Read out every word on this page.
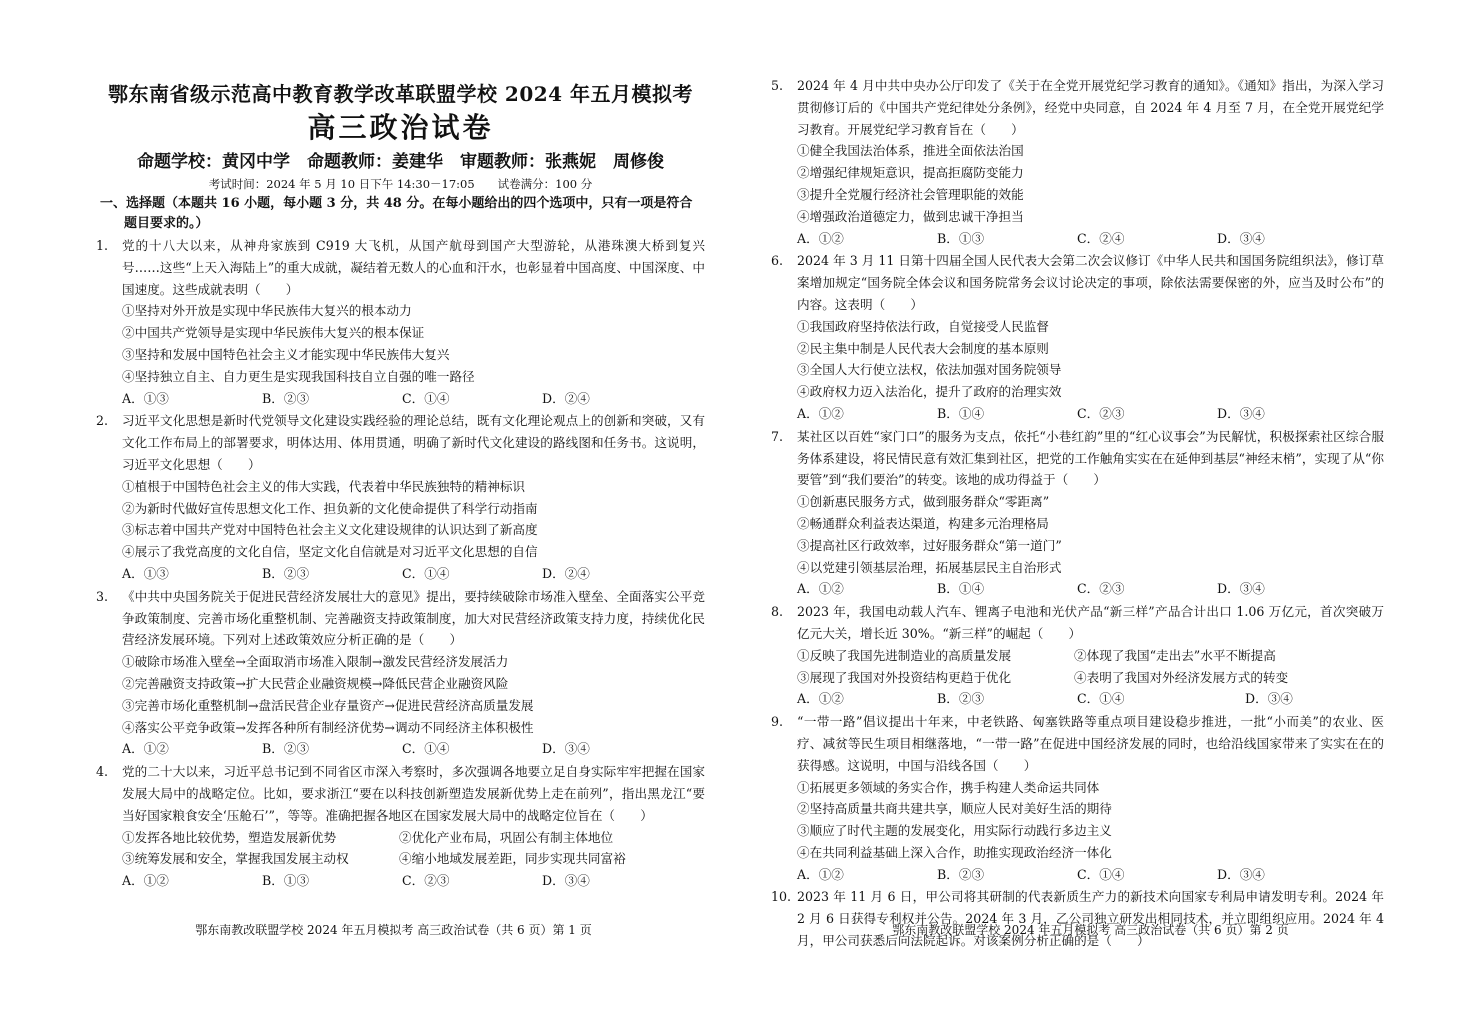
鄂东南省级示范高中教育教学改革联盟学校 2024 年五月模拟考
高三政治试卷
命题学校：黄冈中学　命题教师：姜建华　审题教师：张燕妮　周修俊
考试时间：2024 年 5 月 10 日下午 14:30－17:05　　试卷满分：100 分
一、选择题（本题共 16 小题，每小题 3 分，共 48 分。在每小题给出的四个选项中，只有一项是符合题目要求的。）
1.	党的十八大以来，从神舟家族到 C919 大飞机，从国产航母到国产大型游轮，从港珠澳大桥到复兴号……这些“上天入海陆上”的重大成就，凝结着无数人的心血和汗水，也彰显着中国高度、中国深度、中国速度。这些成就表明（　　）
①坚持对外开放是实现中华民族伟大复兴的根本动力
②中国共产党领导是实现中华民族伟大复兴的根本保证
③坚持和发展中国特色社会主义才能实现中华民族伟大复兴
④坚持独立自主、自力更生是实现我国科技自立自强的唯一路径
A．①③	B．②③	C．①④	D．②④
2.	习近平文化思想是新时代党领导文化建设实践经验的理论总结，既有文化理论观点上的创新和突破，又有文化工作布局上的部署要求，明体达用、体用贯通，明确了新时代文化建设的路线图和任务书。这说明，习近平文化思想（　　）
①植根于中国特色社会主义的伟大实践，代表着中华民族独特的精神标识
②为新时代做好宣传思想文化工作、担负新的文化使命提供了科学行动指南
③标志着中国共产党对中国特色社会主义文化建设规律的认识达到了新高度
④展示了我党高度的文化自信，坚定文化自信就是对习近平文化思想的自信
A．①③	B．②③	C．①④	D．②④
3.	《中共中央国务院关于促进民营经济发展壮大的意见》提出，要持续破除市场准入壁垒、全面落实公平竞争政策制度、完善市场化重整机制、完善融资支持政策制度，加大对民营经济政策支持力度，持续优化民营经济发展环境。下列对上述政策效应分析正确的是（　　）
①破除市场准入壁垒→全面取消市场准入限制→激发民营经济发展活力
②完善融资支持政策→扩大民营企业融资规模→降低民营企业融资风险
③完善市场化重整机制→盘活民营企业存量资产→促进民营经济高质量发展
④落实公平竞争政策→发挥各种所有制经济优势→调动不同经济主体积极性
A．①②	B．②③	C．①④	D．③④
4.	党的二十大以来，习近平总书记到不同省区市深入考察时，多次强调各地要立足自身实际牢牢把握在国家发展大局中的战略定位。比如，要求浙江“要在以科技创新塑造发展新优势上走在前列”，指出黑龙江“要当好国家粮食安全‘压舱石’”，等等。准确把握各地区在国家发展大局中的战略定位旨在（　　）
①发挥各地比较优势，塑造发展新优势	②优化产业布局，巩固公有制主体地位
③统筹发展和安全，掌握我国发展主动权	④缩小地域发展差距，同步实现共同富裕
A．①②	B．①③	C．②③	D．③④
鄂东南教改联盟学校 2024 年五月模拟考 高三政治试卷（共 6 页）第 1 页
5.	2024 年 4 月中共中央办公厅印发了《关于在全党开展党纪学习教育的通知》。《通知》指出，为深入学习贯彻修订后的《中国共产党纪律处分条例》，经党中央同意，自 2024 年 4 月至 7 月，在全党开展党纪学习教育。开展党纪学习教育旨在（　　）
①健全我国法治体系，推进全面依法治国
②增强纪律规矩意识，提高拒腐防变能力
③提升全党履行经济社会管理职能的效能
④增强政治道德定力，做到忠诚干净担当
A．①②	B．①③	C．②④	D．③④
6.	2024 年 3 月 11 日第十四届全国人民代表大会第二次会议修订《中华人民共和国国务院组织法》，修订草案增加规定“国务院全体会议和国务院常务会议讨论决定的事项，除依法需要保密的外，应当及时公布”的内容。这表明（　　）
①我国政府坚持依法行政，自觉接受人民监督
②民主集中制是人民代表大会制度的基本原则
③全国人大行使立法权，依法加强对国务院领导
④政府权力迈入法治化，提升了政府的治理实效
A．①②	B．①④	C．②③	D．③④
7.	某社区以百姓“家门口”的服务为支点，依托“小巷红韵”里的“红心议事会”为民解忧，积极探索社区综合服务体系建设，将民情民意有效汇集到社区，把党的工作触角实实在在延伸到基层“神经末梢”，实现了从“你要管”到“我们要治”的转变。该地的成功得益于（　　）
①创新惠民服务方式，做到服务群众“零距离”
②畅通群众利益表达渠道，构建多元治理格局
③提高社区行政效率，过好服务群众“第一道门”
④以党建引领基层治理，拓展基层民主自治形式
A．①②	B．①④	C．②③	D．③④
8.	2023 年，我国电动载人汽车、锂离子电池和光伏产品“新三样”产品合计出口 1.06 万亿元，首次突破万亿元大关，增长近 30%。“新三样”的崛起（　　）
①反映了我国先进制造业的高质量发展	②体现了我国“走出去”水平不断提高
③展现了我国对外投资结构更趋于优化	④表明了我国对外经济发展方式的转变
A．①②	B．②③	C．①④	D．③④
9.	“一带一路”倡议提出十年来，中老铁路、匈塞铁路等重点项目建设稳步推进，一批“小而美”的农业、医疗、减贫等民生项目相继落地，“一带一路”在促进中国经济发展的同时，也给沿线国家带来了实实在在的获得感。这说明，中国与沿线各国（　　）
①拓展更多领域的务实合作，携手构建人类命运共同体
②坚持高质量共商共建共享，顺应人民对美好生活的期待
③顺应了时代主题的发展变化，用实际行动践行多边主义
④在共同利益基础上深入合作，助推实现政治经济一体化
A．①②	B．②③	C．①④	D．③④
10. 2023 年 11 月 6 日，甲公司将其研制的代表新质生产力的新技术向国家专利局申请发明专利。2024 年 2 月 6 日获得专利权并公告。2024 年 3 月，乙公司独立研发出相同技术，并立即组织应用。2024 年 4 月，甲公司获悉后向法院起诉。对该案例分析正确的是（　　）
鄂东南教改联盟学校 2024 年五月模拟考 高三政治试卷（共 6 页）第 2 页
